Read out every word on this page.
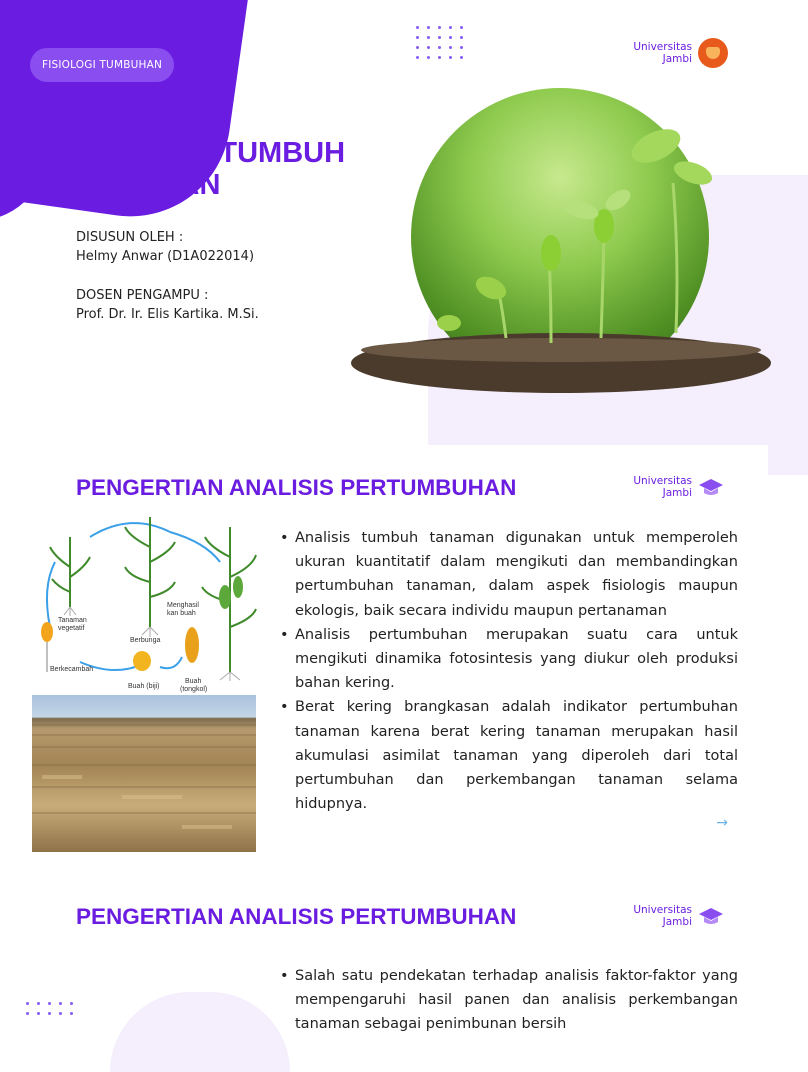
FISIOLOGI TUMBUHAN
Universitas
Jambi
ANALISIS TUMBUH TANAMAN
DISUSUN OLEH :
Helmy Anwar (D1A022014)
DOSEN PENGAMPU :
Prof. Dr. Ir. Elis Kartika. M.Si.
PENGERTIAN ANALISIS PERTUMBUHAN	Universitas
Jambi
Tanaman
vegetatif
Berbunga
Menghasil
kan buah
Berkecambah
Buah (biji)
Buah
(tongkol)
• Analisis tumbuh tanaman digunakan untuk memperoleh ukuran kuantitatif dalam mengikuti dan membandingkan pertumbuhan tanaman, dalam aspek fisiologis maupun ekologis, baik secara individu maupun pertanaman
• Analisis pertumbuhan merupakan suatu cara untuk mengikuti dinamika fotosintesis yang diukur oleh produksi bahan kering.
• Berat kering brangkasan adalah indikator pertumbuhan tanaman karena berat kering tanaman merupakan hasil akumulasi asimilat tanaman yang diperoleh dari total pertumbuhan dan perkembangan tanaman selama hidupnya.
→
PENGERTIAN ANALISIS PERTUMBUHAN	Universitas
Jambi
• Salah satu pendekatan terhadap analisis faktor-faktor yang mempengaruhi hasil panen dan analisis perkembangan tanaman sebagai penimbunan bersih
